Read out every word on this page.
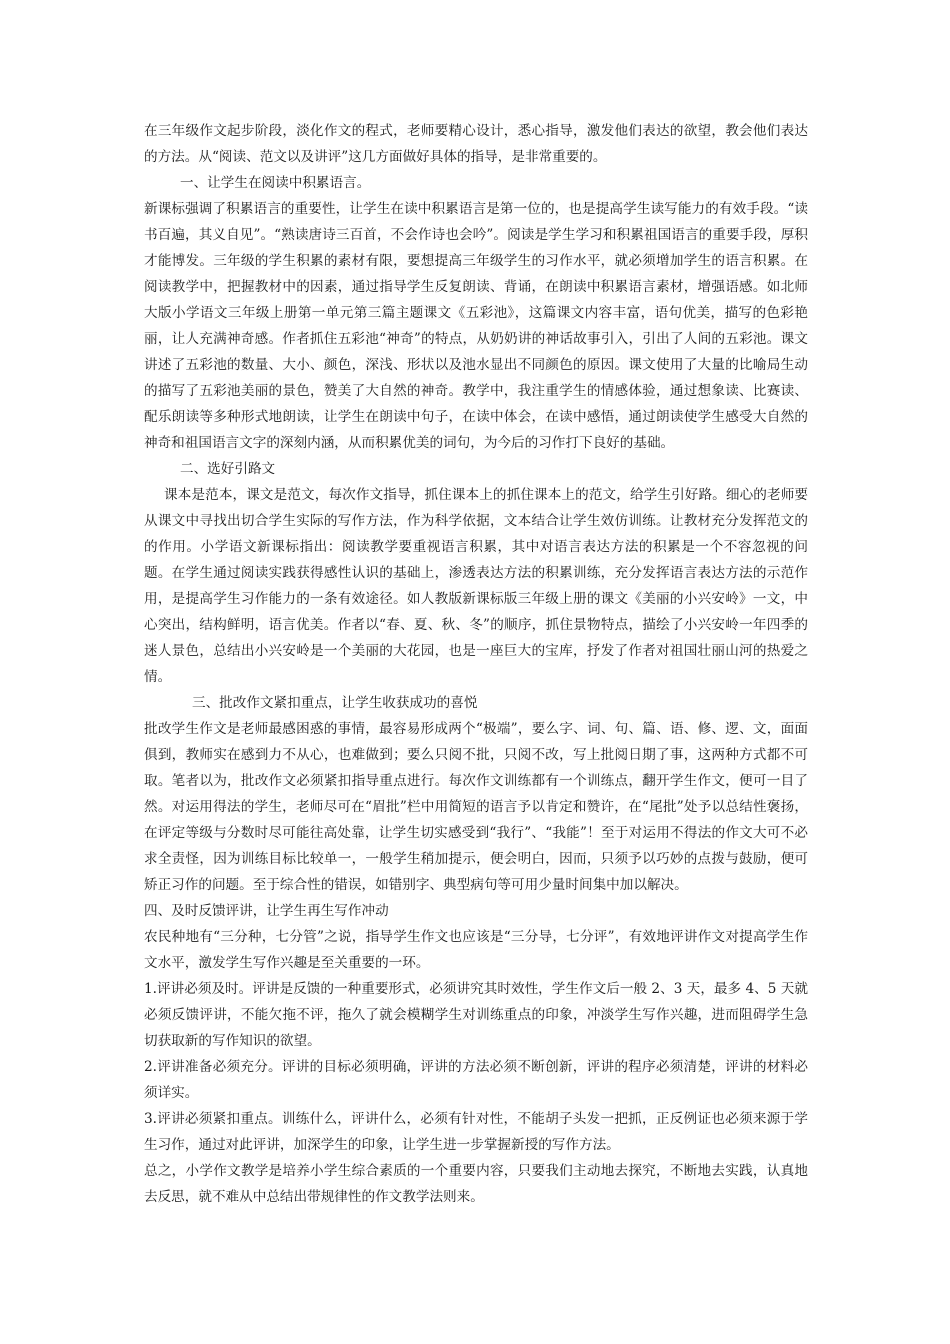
在三年级作文起步阶段，淡化作文的程式，老师要精心设计，悉心指导，激发他们表达的欲望，教会他们表达的方法。从“阅读、范文以及讲评”这几方面做好具体的指导，是非常重要的。

一、让学生在阅读中积累语言。

新课标强调了积累语言的重要性，让学生在读中积累语言是第一位的，也是提高学生读写能力的有效手段。“读书百遍，其义自见”。“熟读唐诗三百首，不会作诗也会吟”。阅读是学生学习和积累祖国语言的重要手段，厚积才能博发。三年级的学生积累的素材有限，要想提高三年级学生的习作水平，就必须增加学生的语言积累。在阅读教学中，把握教材中的因素，通过指导学生反复朗读、背诵，在朗读中积累语言素材，增强语感。如北师大版小学语文三年级上册第一单元第三篇主题课文《五彩池》，这篇课文内容丰富，语句优美，描写的色彩艳丽，让人充满神奇感。作者抓住五彩池“神奇”的特点，从奶奶讲的神话故事引入，引出了人间的五彩池。课文讲述了五彩池的数量、大小、颜色，深浅、形状以及池水显出不同颜色的原因。课文使用了大量的比喻局生动的描写了五彩池美丽的景色，赞美了大自然的神奇。教学中，我注重学生的情感体验，通过想象读、比赛读、配乐朗读等多种形式地朗读，让学生在朗读中句子，在读中体会，在读中感悟，通过朗读使学生感受大自然的神奇和祖国语言文字的深刻内涵，从而积累优美的词句，为今后的习作打下良好的基础。

二、选好引路文

课本是范本，课文是范文，每次作文指导，抓住课本上的抓住课本上的范文，给学生引好路。细心的老师要从课文中寻找出切合学生实际的写作方法，作为科学依据，文本结合让学生效仿训练。让教材充分发挥范文的的作用。小学语文新课标指出：阅读教学要重视语言积累，其中对语言表达方法的积累是一个不容忽视的问题。在学生通过阅读实践获得感性认识的基础上，渗透表达方法的积累训练，充分发挥语言表达方法的示范作用，是提高学生习作能力的一条有效途径。如人教版新课标版三年级上册的课文《美丽的小兴安岭》一文，中心突出，结构鲜明，语言优美。作者以“春、夏、秋、冬”的顺序，抓住景物特点，描绘了小兴安岭一年四季的迷人景色，总结出小兴安岭是一个美丽的大花园，也是一座巨大的宝库，抒发了作者对祖国壮丽山河的热爱之情。

三、批改作文紧扣重点，让学生收获成功的喜悦

批改学生作文是老师最感困惑的事情，最容易形成两个“极端”，要么字、词、句、篇、语、修、逻、文，面面俱到，教师实在感到力不从心，也难做到；要么只阅不批，只阅不改，写上批阅日期了事，这两种方式都不可取。笔者以为，批改作文必须紧扣指导重点进行。每次作文训练都有一个训练点，翻开学生作文，便可一目了然。对运用得法的学生，老师尽可在“眉批”栏中用简短的语言予以肯定和赞许，在“尾批”处予以总结性褒扬，在评定等级与分数时尽可能往高处靠，让学生切实感受到“我行”、“我能”！至于对运用不得法的作文大可不必求全责怪，因为训练目标比较单一，一般学生稍加提示，便会明白，因而，只须予以巧妙的点拨与鼓励，便可矫正习作的问题。至于综合性的错误，如错别字、典型病句等可用少量时间集中加以解决。

四、及时反馈评讲，让学生再生写作冲动

农民种地有“三分种，七分管”之说，指导学生作文也应该是“三分导，七分评”，有效地评讲作文对提高学生作文水平，激发学生写作兴趣是至关重要的一环。

1.评讲必须及时。评讲是反馈的一种重要形式，必须讲究其时效性，学生作文后一般 2、3 天，最多 4、5 天就必须反馈评讲，不能欠拖不评，拖久了就会模糊学生对训练重点的印象，冲淡学生写作兴趣，进而阻碍学生急切获取新的写作知识的欲望。

2.评讲准备必须充分。评讲的目标必须明确，评讲的方法必须不断创新，评讲的程序必须清楚，评讲的材料必须详实。

3.评讲必须紧扣重点。训练什么，评讲什么，必须有针对性，不能胡子头发一把抓，正反例证也必须来源于学生习作，通过对此评讲，加深学生的印象，让学生进一步掌握新授的写作方法。

总之，小学作文教学是培养小学生综合素质的一个重要内容，只要我们主动地去探究，不断地去实践，认真地去反思，就不难从中总结出带规律性的作文教学法则来。
